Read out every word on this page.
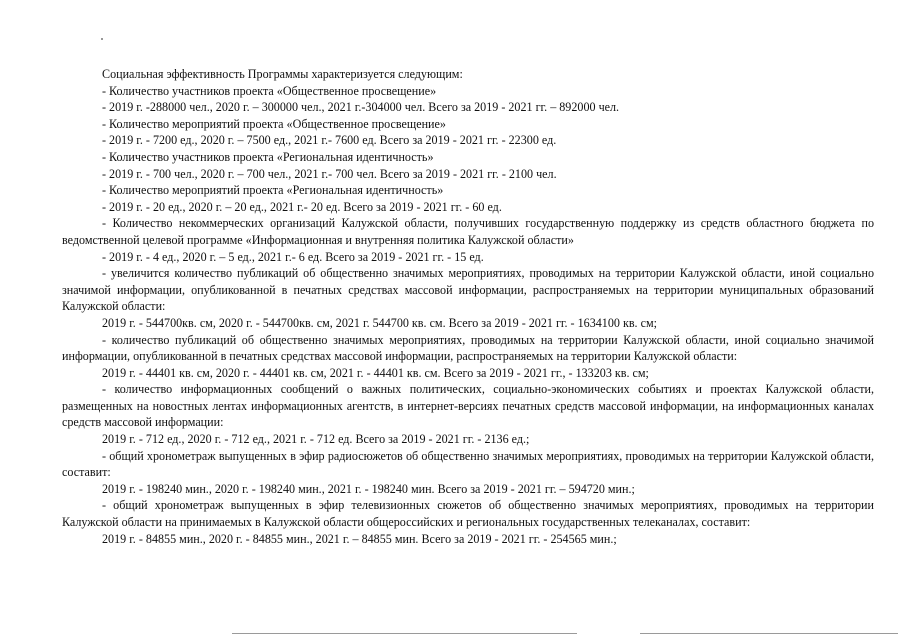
Социальная эффективность Программы характеризуется следующим:

- Количество участников проекта «Общественное просвещение»

- 2019 г. -288000 чел., 2020 г. – 300000 чел., 2021 г.-304000 чел. Всего за 2019 - 2021 гг. – 892000 чел.

- Количество мероприятий проекта «Общественное просвещение»

- 2019 г. - 7200 ед., 2020 г. – 7500 ед., 2021 г.- 7600 ед. Всего за 2019 - 2021 гг. - 22300 ед.

- Количество участников проекта «Региональная идентичность»

- 2019 г. - 700 чел., 2020 г. – 700 чел., 2021 г.- 700 чел. Всего за 2019 - 2021 гг. - 2100 чел.

- Количество мероприятий проекта «Региональная идентичность»

- 2019 г. - 20 ед., 2020 г. – 20 ед., 2021 г.- 20 ед. Всего за 2019 - 2021 гг. - 60 ед.

- Количество некоммерческих организаций Калужской области, получивших государственную поддержку из средств областного бюджета по ведомственной целевой программе «Информационная и внутренняя политика Калужской области»

- 2019 г. - 4 ед., 2020 г. – 5 ед., 2021 г.- 6 ед. Всего за 2019 - 2021 гг. - 15 ед.

- увеличится количество публикаций об общественно значимых мероприятиях, проводимых на территории Калужской области, иной социально значимой информации, опубликованной в печатных средствах массовой информации, распространяемых на территории муниципальных образований Калужской области:

2019 г. - 544700кв. см, 2020 г. - 544700кв. см, 2021 г. 544700 кв. см. Всего за 2019 - 2021 гг. - 1634100 кв. см;

- количество публикаций об общественно значимых мероприятиях, проводимых на территории Калужской области, иной социально значимой информации, опубликованной в печатных средствах массовой информации, распространяемых на территории Калужской области:

2019 г. - 44401 кв. см, 2020 г. - 44401 кв. см, 2021 г. - 44401 кв. см. Всего за 2019 - 2021 гг., - 133203 кв. см;

- количество информационных сообщений о важных политических, социально-экономических событиях и проектах Калужской области, размещенных на новостных лентах информационных агентств, в интернет-версиях печатных средств массовой информации, на информационных каналах средств массовой информации:

2019 г. - 712 ед., 2020 г. - 712 ед., 2021 г. - 712 ед. Всего за 2019 - 2021 гг. - 2136 ед.;

- общий хронометраж выпущенных в эфир радиосюжетов об общественно значимых мероприятиях, проводимых на территории Калужской области, составит:

2019 г. - 198240 мин., 2020 г. - 198240 мин., 2021 г. - 198240 мин. Всего за 2019 - 2021 гг. – 594720 мин.;

- общий хронометраж выпущенных в эфир телевизионных сюжетов об общественно значимых мероприятиях, проводимых на территории Калужской области на принимаемых в Калужской области общероссийских и региональных государственных телеканалах, составит:

2019 г. - 84855 мин., 2020 г. - 84855 мин., 2021 г. – 84855 мин. Всего за 2019 - 2021 гг. - 254565 мин.;
